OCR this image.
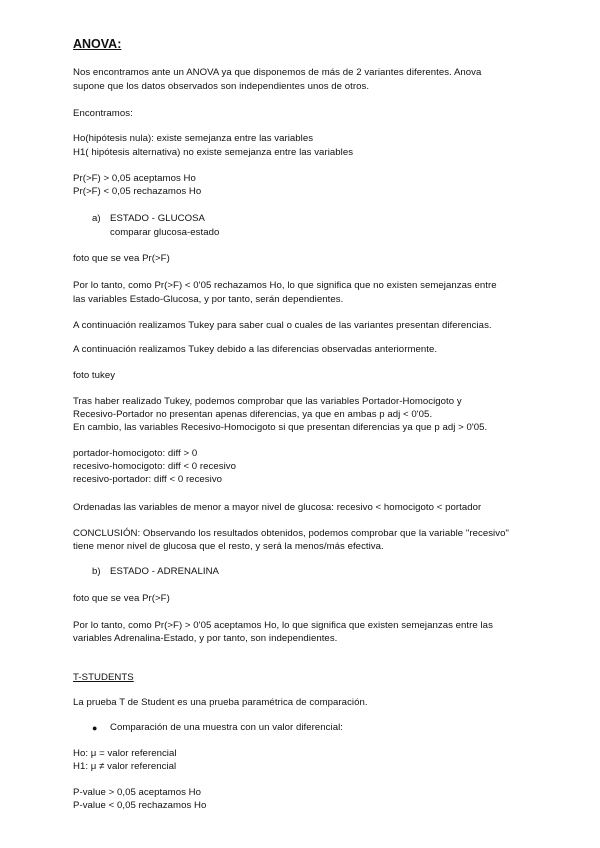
ANOVA:
Nos encontramos ante un ANOVA ya que disponemos de más de 2 variantes diferentes. Anova
supone que los datos observados son independientes unos de otros.
Encontramos:
Ho(hipótesis nula): existe semejanza entre las variables
H1( hipótesis alternativa) no existe semejanza entre las variables
Pr(>F) > 0,05 aceptamos Ho
Pr(>F) < 0,05 rechazamos Ho
a) ESTADO - GLUCOSA
comparar glucosa-estado
foto que se vea Pr(>F)
Por lo tanto, como Pr(>F) < 0'05 rechazamos Ho, lo que significa que no existen semejanzas entre
las variables Estado-Glucosa, y por tanto, serán dependientes.
A continuación realizamos Tukey para saber cual o cuales de las variantes presentan diferencias.
A continuación realizamos Tukey debido a las diferencias observadas anteriormente.
foto tukey
Tras haber realizado Tukey, podemos comprobar que las variables Portador-Homocigoto y
Recesivo-Portador no presentan apenas diferencias, ya que en ambas p adj < 0'05.
En cambio, las variables Recesivo-Homocigoto si que presentan diferencias ya que p adj > 0'05.
portador-homocigoto: diff > 0
recesivo-homocigoto: diff < 0 recesivo
recesivo-portador: diff < 0 recesivo
Ordenadas las variables de menor a mayor nivel de glucosa: recesivo < homocigoto < portador
CONCLUSIÓN: Observando los resultados obtenidos, podemos comprobar que la variable "recesivo"
tiene menor nivel de glucosa que el resto, y será la menos/más efectiva.
b) ESTADO - ADRENALINA
foto que se vea Pr(>F)
Por lo tanto, como Pr(>F) > 0'05 aceptamos Ho, lo que significa que existen semejanzas entre las
variables Adrenalina-Estado, y por tanto, son independientes.
T-STUDENTS
La prueba T de Student es una prueba paramétrica de comparación.
● Comparación de una muestra con un valor diferencial:
Ho: μ = valor referencial
H1: μ ≠ valor referencial
P-value > 0,05 aceptamos Ho
P-value < 0,05 rechazamos Ho
